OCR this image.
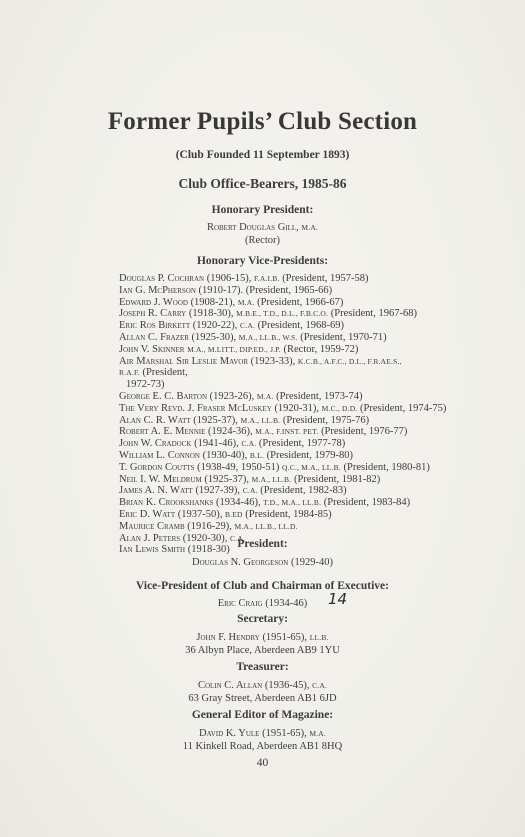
Former Pupils’ Club Section
(Club Founded 11 September 1893)
Club Office-Bearers, 1985-86
Honorary President:
Robert Douglas Gill, M.A.
(Rector)
Honorary Vice-Presidents:
Douglas P. Cochran (1906-15), F.A.I.B. (President, 1957-58)
Ian G. McPherson (1910-17). (President, 1965-66)
Edward J. Wood (1908-21), M.A. (President, 1966-67)
Joseph R. Carry (1918-30), M.B.E., T.D., D.L., F.B.C.O. (President, 1967-68)
Eric Ros Birkett (1920-22), C.A. (President, 1968-69)
Allan C. Frazer (1925-30), M.A., LL.B., W.S. (President, 1970-71)
John V. Skinner M.A., M.LITT., DIP.ED., J.P. (Rector, 1959-72)
Air Marshal Sir Leslie Mavor (1923-33), K.C.B., A.F.C., D.L., F.R.AE.S., R.A.F. (President,
1972-73)
George E. C. Barton (1923-26), M.A. (President, 1973-74)
The Very Revd. J. Fraser McLuskey (1920-31), M.C., D.D. (President, 1974-75)
Alan C. R. Watt (1925-37), M.A., LL.B. (President, 1975-76)
Robert A. E. Mennie (1924-36), M.A., F.INST. PET. (President, 1976-77)
John W. Cradock (1941-46), C.A. (President, 1977-78)
William L. Connon (1930-40), B.L. (President, 1979-80)
T. Gordon Coutts (1938-49, 1950-51) Q.C., M.A., LL.B. (President, 1980-81)
Neil I. W. Meldrum (1925-37), M.A., LL.B. (President, 1981-82)
James A. N. Watt (1927-39), C.A. (President, 1982-83)
Brian K. Crookshanks (1934-46), T.D., M.A., LL.B. (President, 1983-84)
Eric D. Watt (1937-50), B.ED (President, 1984-85)
Maurice Cramb (1916-29), M.A., LL.B., LL.D.
Alan J. Peters (1920-30), C.A.
Ian Lewis Smith (1918-30) President:
Douglas N. Georgeson (1929-40)
Vice-President of Club and Chairman of Executive:
Eric Craig (1934-46)	14
Secretary:
John F. Hendry (1951-65), LL.B.
36 Albyn Place, Aberdeen AB9 1YU
Treasurer:
Colin C. Allan (1936-45), C.A.
63 Gray Street, Aberdeen AB1 6JD
General Editor of Magazine:
David K. Yule (1951-65), M.A.
11 Kinkell Road, Aberdeen AB1 8HQ
40
